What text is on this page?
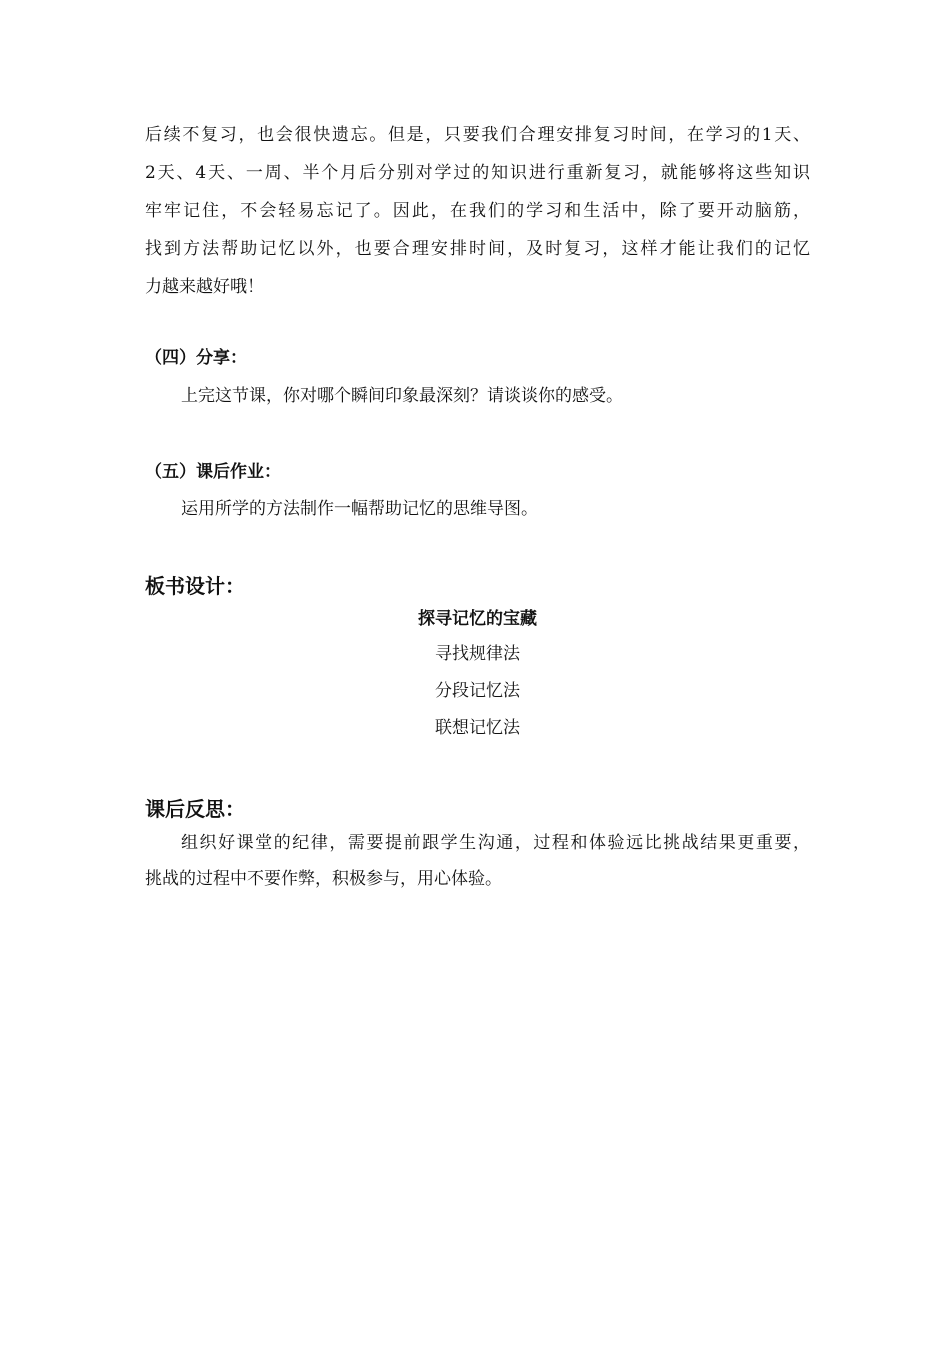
后续不复习，也会很快遗忘。但是，只要我们合理安排复习时间，在学习的1天、
2天、4天、一周、半个月后分别对学过的知识进行重新复习，就能够将这些知识
牢牢记住，不会轻易忘记了。因此，在我们的学习和生活中，除了要开动脑筋，
找到方法帮助记忆以外，也要合理安排时间，及时复习，这样才能让我们的记忆
力越来越好哦！
（四）分享：
上完这节课，你对哪个瞬间印象最深刻？请谈谈你的感受。
（五）课后作业：
运用所学的方法制作一幅帮助记忆的思维导图。
板书设计：
探寻记忆的宝藏
寻找规律法
分段记忆法
联想记忆法
课后反思：
组织好课堂的纪律，需要提前跟学生沟通，过程和体验远比挑战结果更重要，
挑战的过程中不要作弊，积极参与，用心体验。
